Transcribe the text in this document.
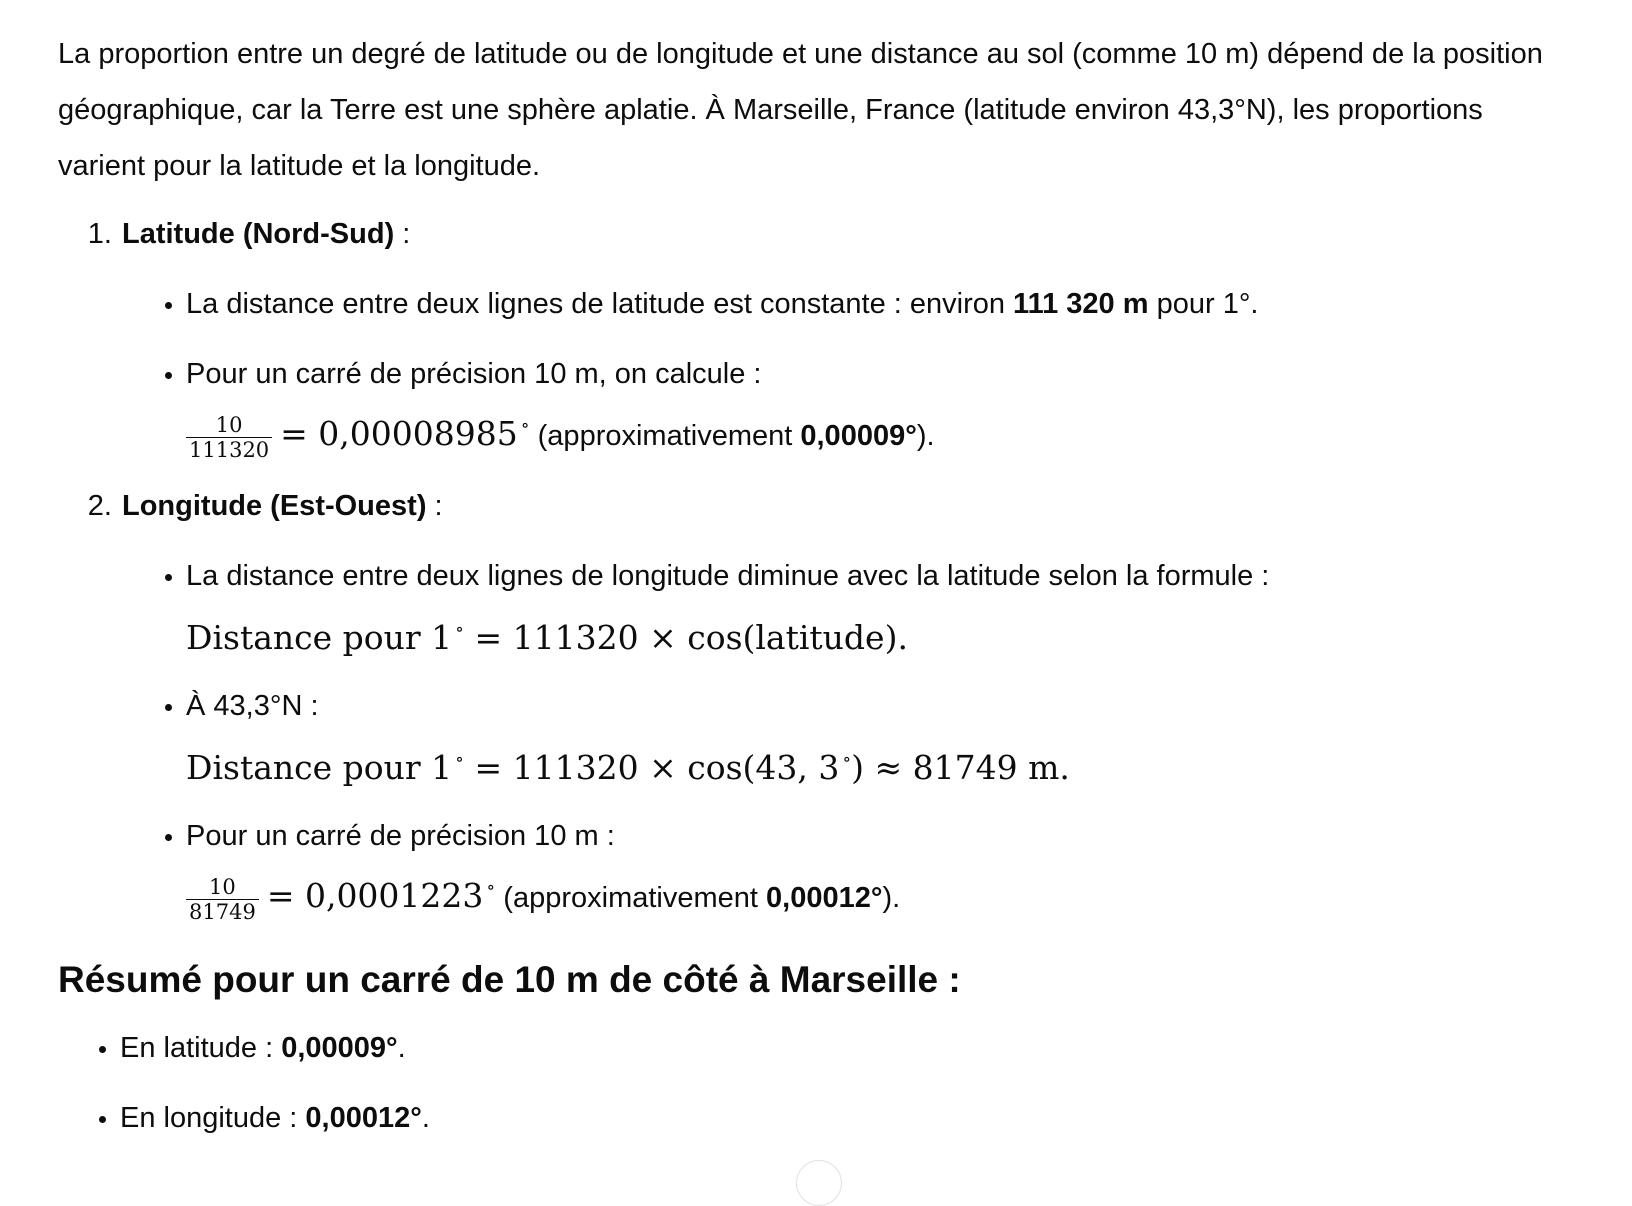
La proportion entre un degré de latitude ou de longitude et une distance au sol (comme 10 m) dépend de la position géographique, car la Terre est une sphère aplatie. À Marseille, France (latitude environ 43,3°N), les proportions varient pour la latitude et la longitude.

1. Latitude (Nord-Sud) :
• La distance entre deux lignes de latitude est constante : environ 111 320 m pour 1°.
• Pour un carré de précision 10 m, on calcule :

$\frac{10}{111320} = 0,00008985$ ∘ (approximativement 0,00009°).
2. Longitude (Est-Ouest) :
• La distance entre deux lignes de longitude diminue avec la latitude selon la formule :
Distance pour 1 ∘ = 111320 × cos(latitude).
• À 43,3°N :
Distance pour 1 ∘ = 111320 × cos(43, 3 ∘) ≈ 81749 m.
• Pour un carré de précision 10 m :

$\frac{10}{81749} = 0,0001223$ ∘ (approximativement 0,00012°).
Résumé pour un carré de 10 m de côté à Marseille :
• En latitude : 0,00009°.
• En longitude : 0,00012°.
